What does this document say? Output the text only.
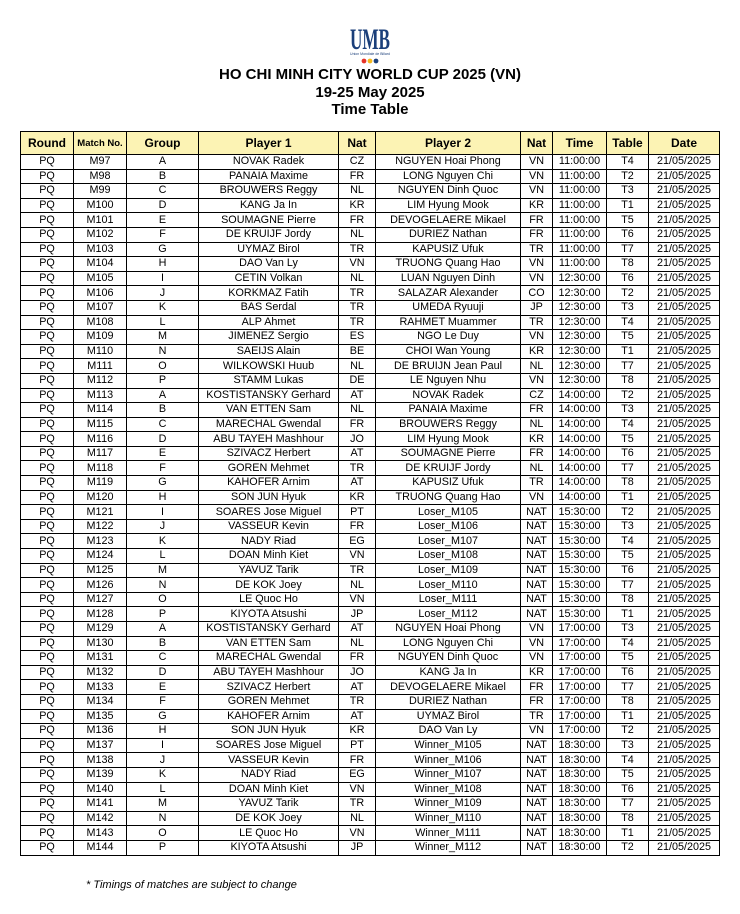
UMB
Union Mondiale de Billard
HO CHI MINH CITY WORLD CUP 2025 (VN)
19-25 May 2025
Time Table
Round	Match No.	Group	Player 1	Nat	Player 2	Nat	Time	Table	Date
PQ	M97	A	NOVAK Radek	CZ	NGUYEN Hoai Phong	VN	11:00:00	T4	21/05/2025
PQ	M98	B	PANAIA Maxime	FR	LONG Nguyen Chi	VN	11:00:00	T2	21/05/2025
PQ	M99	C	BROUWERS Reggy	NL	NGUYEN Dinh Quoc	VN	11:00:00	T3	21/05/2025
PQ	M100	D	KANG Ja In	KR	LIM Hyung Mook	KR	11:00:00	T1	21/05/2025
PQ	M101	E	SOUMAGNE Pierre	FR	DEVOGELAERE Mikael	FR	11:00:00	T5	21/05/2025
PQ	M102	F	DE KRUIJF Jordy	NL	DURIEZ Nathan	FR	11:00:00	T6	21/05/2025
PQ	M103	G	UYMAZ Birol	TR	KAPUSIZ Ufuk	TR	11:00:00	T7	21/05/2025
PQ	M104	H	DAO Van Ly	VN	TRUONG Quang Hao	VN	11:00:00	T8	21/05/2025
PQ	M105	I	CETIN Volkan	NL	LUAN Nguyen Dinh	VN	12:30:00	T6	21/05/2025
PQ	M106	J	KORKMAZ Fatih	TR	SALAZAR Alexander	CO	12:30:00	T2	21/05/2025
PQ	M107	K	BAS Serdal	TR	UMEDA Ryuuji	JP	12:30:00	T3	21/05/2025
PQ	M108	L	ALP Ahmet	TR	RAHMET Muammer	TR	12:30:00	T4	21/05/2025
PQ	M109	M	JIMENEZ Sergio	ES	NGO Le Duy	VN	12:30:00	T5	21/05/2025
PQ	M110	N	SAEIJS Alain	BE	CHOI Wan Young	KR	12:30:00	T1	21/05/2025
PQ	M111	O	WILKOWSKI Huub	NL	DE BRUIJN Jean Paul	NL	12:30:00	T7	21/05/2025
PQ	M112	P	STAMM Lukas	DE	LE Nguyen Nhu	VN	12:30:00	T8	21/05/2025
PQ	M113	A	KOSTISTANSKY Gerhard	AT	NOVAK Radek	CZ	14:00:00	T2	21/05/2025
PQ	M114	B	VAN ETTEN Sam	NL	PANAIA Maxime	FR	14:00:00	T3	21/05/2025
PQ	M115	C	MARECHAL Gwendal	FR	BROUWERS Reggy	NL	14:00:00	T4	21/05/2025
PQ	M116	D	ABU TAYEH Mashhour	JO	LIM Hyung Mook	KR	14:00:00	T5	21/05/2025
PQ	M117	E	SZIVACZ Herbert	AT	SOUMAGNE Pierre	FR	14:00:00	T6	21/05/2025
PQ	M118	F	GOREN Mehmet	TR	DE KRUIJF Jordy	NL	14:00:00	T7	21/05/2025
PQ	M119	G	KAHOFER Arnim	AT	KAPUSIZ Ufuk	TR	14:00:00	T8	21/05/2025
PQ	M120	H	SON JUN Hyuk	KR	TRUONG Quang Hao	VN	14:00:00	T1	21/05/2025
PQ	M121	I	SOARES Jose Miguel	PT	Loser_M105	NAT	15:30:00	T2	21/05/2025
PQ	M122	J	VASSEUR Kevin	FR	Loser_M106	NAT	15:30:00	T3	21/05/2025
PQ	M123	K	NADY Riad	EG	Loser_M107	NAT	15:30:00	T4	21/05/2025
PQ	M124	L	DOAN Minh Kiet	VN	Loser_M108	NAT	15:30:00	T5	21/05/2025
PQ	M125	M	YAVUZ Tarik	TR	Loser_M109	NAT	15:30:00	T6	21/05/2025
PQ	M126	N	DE KOK Joey	NL	Loser_M110	NAT	15:30:00	T7	21/05/2025
PQ	M127	O	LE Quoc Ho	VN	Loser_M111	NAT	15:30:00	T8	21/05/2025
PQ	M128	P	KIYOTA Atsushi	JP	Loser_M112	NAT	15:30:00	T1	21/05/2025
PQ	M129	A	KOSTISTANSKY Gerhard	AT	NGUYEN Hoai Phong	VN	17:00:00	T3	21/05/2025
PQ	M130	B	VAN ETTEN Sam	NL	LONG Nguyen Chi	VN	17:00:00	T4	21/05/2025
PQ	M131	C	MARECHAL Gwendal	FR	NGUYEN Dinh Quoc	VN	17:00:00	T5	21/05/2025
PQ	M132	D	ABU TAYEH Mashhour	JO	KANG Ja In	KR	17:00:00	T6	21/05/2025
PQ	M133	E	SZIVACZ Herbert	AT	DEVOGELAERE Mikael	FR	17:00:00	T7	21/05/2025
PQ	M134	F	GOREN Mehmet	TR	DURIEZ Nathan	FR	17:00:00	T8	21/05/2025
PQ	M135	G	KAHOFER Arnim	AT	UYMAZ Birol	TR	17:00:00	T1	21/05/2025
PQ	M136	H	SON JUN Hyuk	KR	DAO Van Ly	VN	17:00:00	T2	21/05/2025
PQ	M137	I	SOARES Jose Miguel	PT	Winner_M105	NAT	18:30:00	T3	21/05/2025
PQ	M138	J	VASSEUR Kevin	FR	Winner_M106	NAT	18:30:00	T4	21/05/2025
PQ	M139	K	NADY Riad	EG	Winner_M107	NAT	18:30:00	T5	21/05/2025
PQ	M140	L	DOAN Minh Kiet	VN	Winner_M108	NAT	18:30:00	T6	21/05/2025
PQ	M141	M	YAVUZ Tarik	TR	Winner_M109	NAT	18:30:00	T7	21/05/2025
PQ	M142	N	DE KOK Joey	NL	Winner_M110	NAT	18:30:00	T8	21/05/2025
PQ	M143	O	LE Quoc Ho	VN	Winner_M111	NAT	18:30:00	T1	21/05/2025
PQ	M144	P	KIYOTA Atsushi	JP	Winner_M112	NAT	18:30:00	T2	21/05/2025
* Timings of matches are subject to change
